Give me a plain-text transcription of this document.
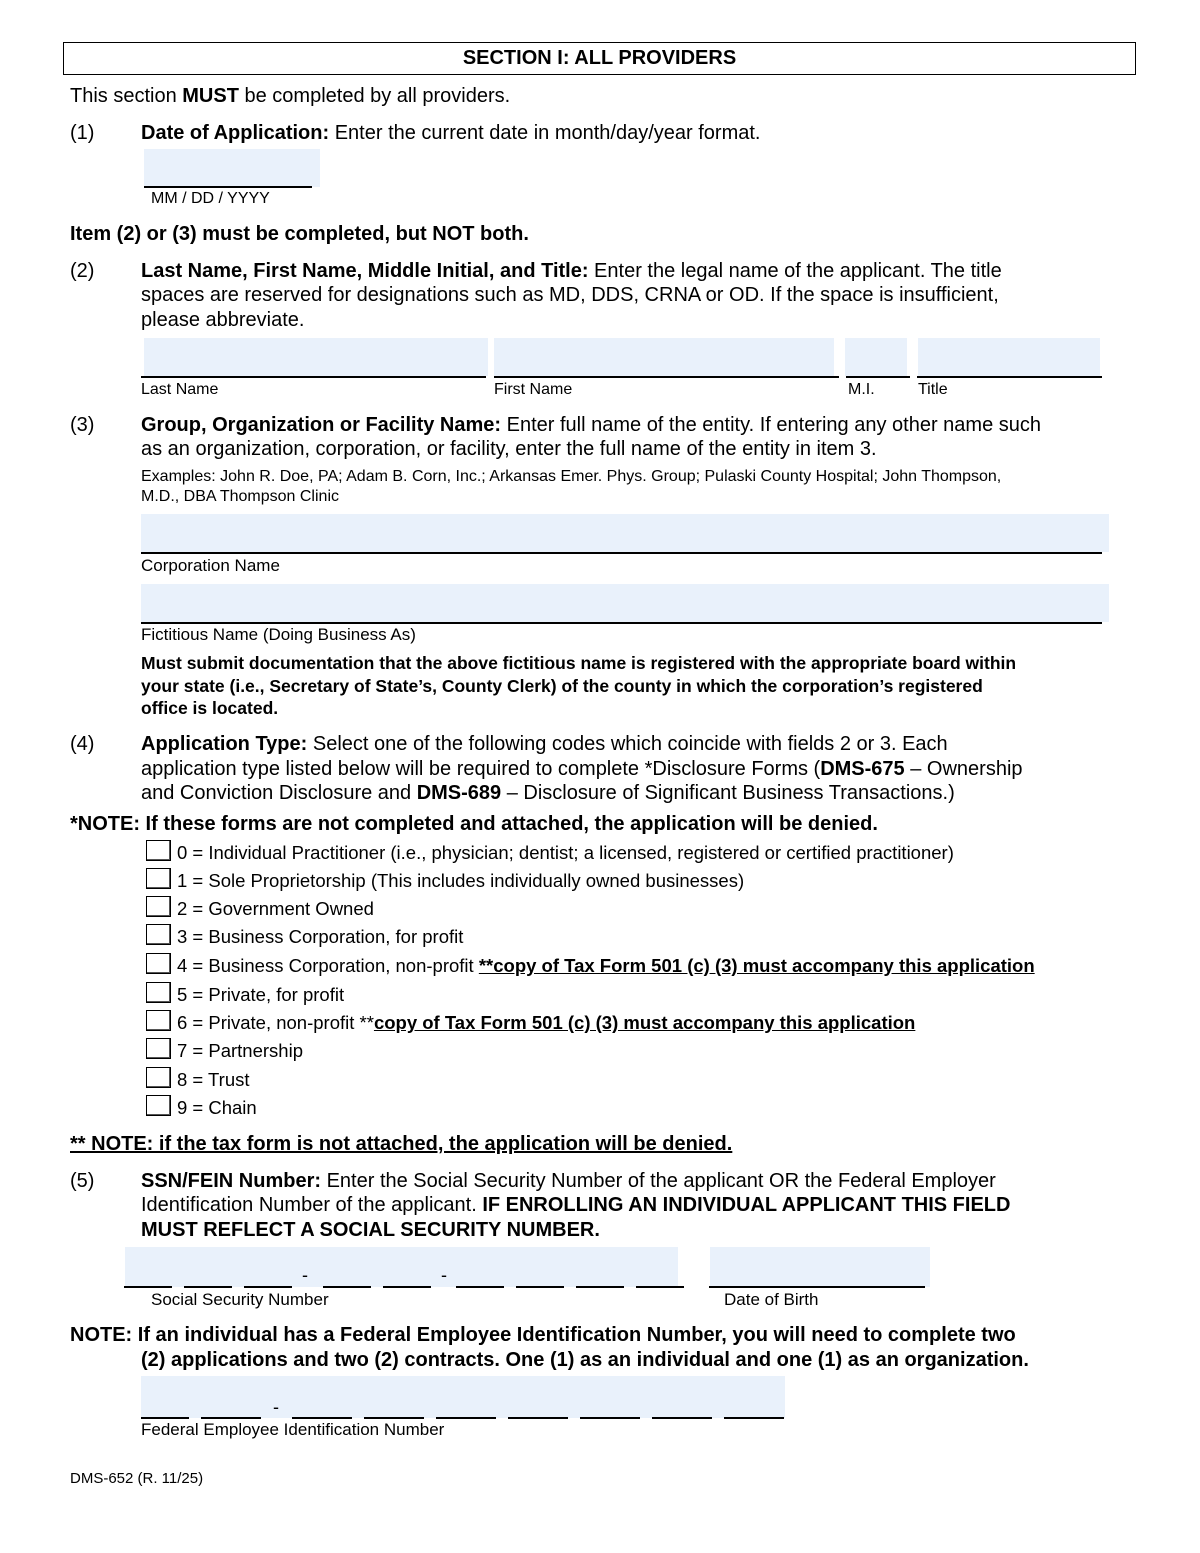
SECTION I: ALL PROVIDERS
This section MUST be completed by all providers.
(1) Date of Application: Enter the current date in month/day/year format.
MM / DD / YYYY
Item (2) or (3) must be completed, but NOT both.
(2) Last Name, First Name, Middle Initial, and Title: Enter the legal name of the applicant. The title
spaces are reserved for designations such as MD, DDS, CRNA or OD. If the space is insufficient,
please abbreviate.
Last Name	First Name	M.I.	Title
(3) Group, Organization or Facility Name: Enter full name of the entity. If entering any other name such
as an organization, corporation, or facility, enter the full name of the entity in item 3.
Examples: John R. Doe, PA; Adam B. Corn, Inc.; Arkansas Emer. Phys. Group; Pulaski County Hospital; John Thompson,
M.D., DBA Thompson Clinic
Corporation Name
Fictitious Name (Doing Business As)
Must submit documentation that the above fictitious name is registered with the appropriate board within
your state (i.e., Secretary of State’s, County Clerk) of the county in which the corporation’s registered
office is located.
(4) Application Type: Select one of the following codes which coincide with fields 2 or 3. Each
application type listed below will be required to complete *Disclosure Forms (DMS-675 – Ownership
and Conviction Disclosure and DMS-689 – Disclosure of Significant Business Transactions.)
*NOTE: If these forms are not completed and attached, the application will be denied.
0 = Individual Practitioner (i.e., physician; dentist; a licensed, registered or certified practitioner)
1 = Sole Proprietorship (This includes individually owned businesses)
2 = Government Owned
3 = Business Corporation, for profit
4 = Business Corporation, non-profit **copy of Tax Form 501 (c) (3) must accompany this application
5 = Private, for profit
6 = Private, non-profit **copy of Tax Form 501 (c) (3) must accompany this application
7 = Partnership
8 = Trust
9 = Chain
** NOTE: if the tax form is not attached, the application will be denied.
(5) SSN/FEIN Number: Enter the Social Security Number of the applicant OR the Federal Employer
Identification Number of the applicant. IF ENROLLING AN INDIVIDUAL APPLICANT THIS FIELD
MUST REFLECT A SOCIAL SECURITY NUMBER.
-	-
Social Security Number	Date of Birth
NOTE: If an individual has a Federal Employee Identification Number, you will need to complete two
(2) applications and two (2) contracts. One (1) as an individual and one (1) as an organization.
-
Federal Employee Identification Number
DMS-652 (R. 11/25)
